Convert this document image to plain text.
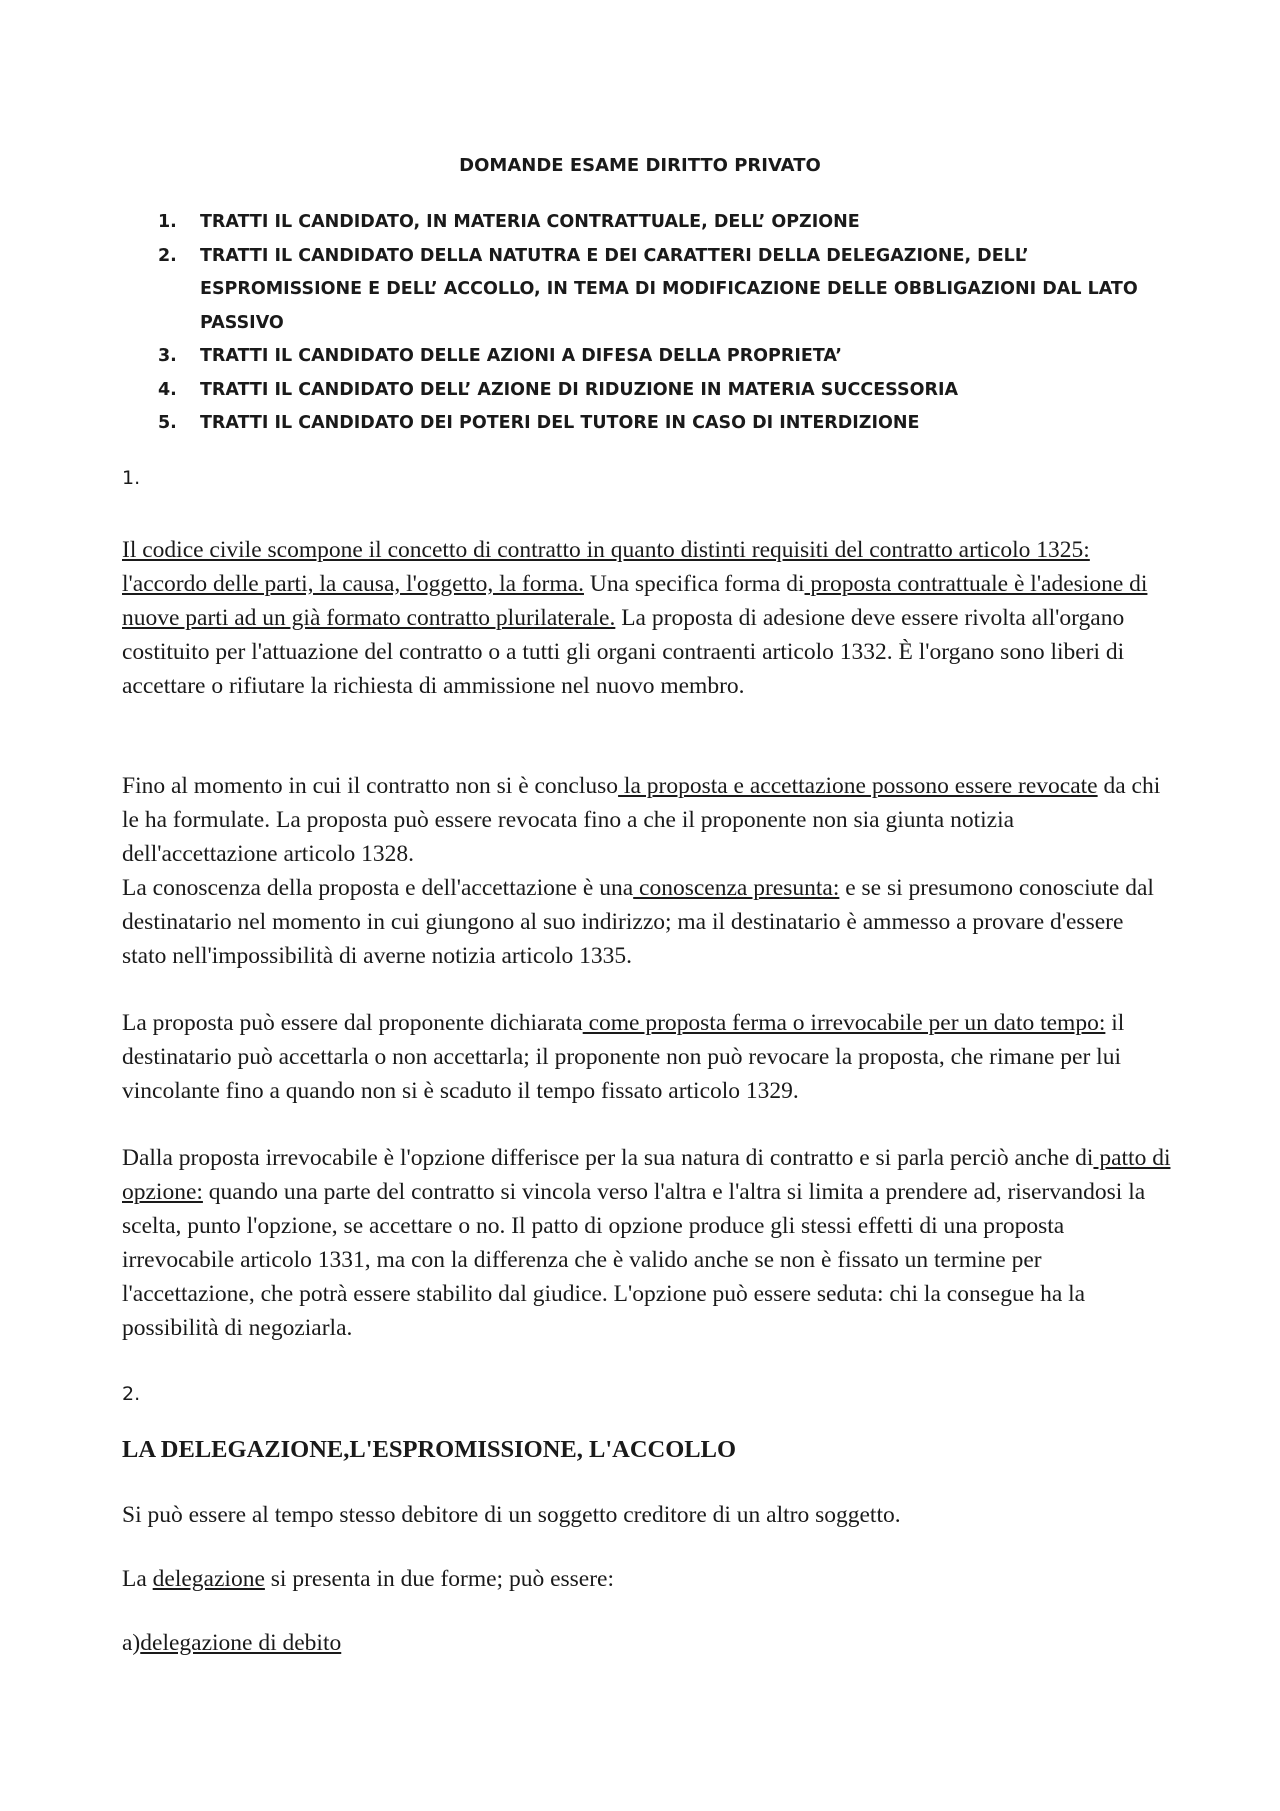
DOMANDE ESAME DIRITTO PRIVATO
1. TRATTI IL CANDIDATO, IN MATERIA CONTRATTUALE, DELL’ OPZIONE
2. TRATTI IL CANDIDATO DELLA NATUTRA E DEI CARATTERI DELLA DELEGAZIONE, DELL’ ESPROMISSIONE E DELL’ ACCOLLO, IN TEMA DI MODIFICAZIONE DELLE OBBLIGAZIONI DAL LATO PASSIVO
3. TRATTI IL CANDIDATO DELLE AZIONI A DIFESA DELLA PROPRIETA’
4. TRATTI IL CANDIDATO DELL’ AZIONE DI RIDUZIONE IN MATERIA SUCCESSORIA
5. TRATTI IL CANDIDATO DEI POTERI DEL TUTORE IN CASO DI INTERDIZIONE
1.

Il codice civile scompone il concetto di contratto in quanto distinti requisiti del contratto articolo 1325: l'accordo delle parti, la causa, l'oggetto, la forma. Una specifica forma di proposta contrattuale è l'adesione di nuove parti ad un già formato contratto plurilaterale. La proposta di adesione deve essere rivolta all'organo costituito per l'attuazione del contratto o a tutti gli organi contraenti articolo 1332. È l'organo sono liberi di accettare o rifiutare la richiesta di ammissione nel nuovo membro.

Fino al momento in cui il contratto non si è concluso la proposta e accettazione possono essere revocate da chi le ha formulate. La proposta può essere revocata fino a che il proponente non sia giunta notizia dell'accettazione articolo 1328.

La conoscenza della proposta e dell'accettazione è una conoscenza presunta: e se si presumono conosciute dal destinatario nel momento in cui giungono al suo indirizzo; ma il destinatario è ammesso a provare d'essere stato nell'impossibilità di averne notizia articolo 1335.

La proposta può essere dal proponente dichiarata come proposta ferma o irrevocabile per un dato tempo: il destinatario può accettarla o non accettarla; il proponente non può revocare la proposta, che rimane per lui vincolante fino a quando non si è scaduto il tempo fissato articolo 1329.

Dalla proposta irrevocabile è l'opzione differisce per la sua natura di contratto e si parla perciò anche di patto di opzione: quando una parte del contratto si vincola verso l'altra e l'altra si limita a prendere ad, riservandosi la scelta, punto l'opzione, se accettare o no. Il patto di opzione produce gli stessi effetti di una proposta irrevocabile articolo 1331, ma con la differenza che è valido anche se non è fissato un termine per l'accettazione, che potrà essere stabilito dal giudice. L'opzione può essere seduta: chi la consegue ha la possibilità di negoziarla.

2.
LA DELEGAZIONE,L'ESPROMISSIONE, L'ACCOLLO

Si può essere al tempo stesso debitore di un soggetto creditore di un altro soggetto.

La delegazione si presenta in due forme; può essere:

a)delegazione di debito
